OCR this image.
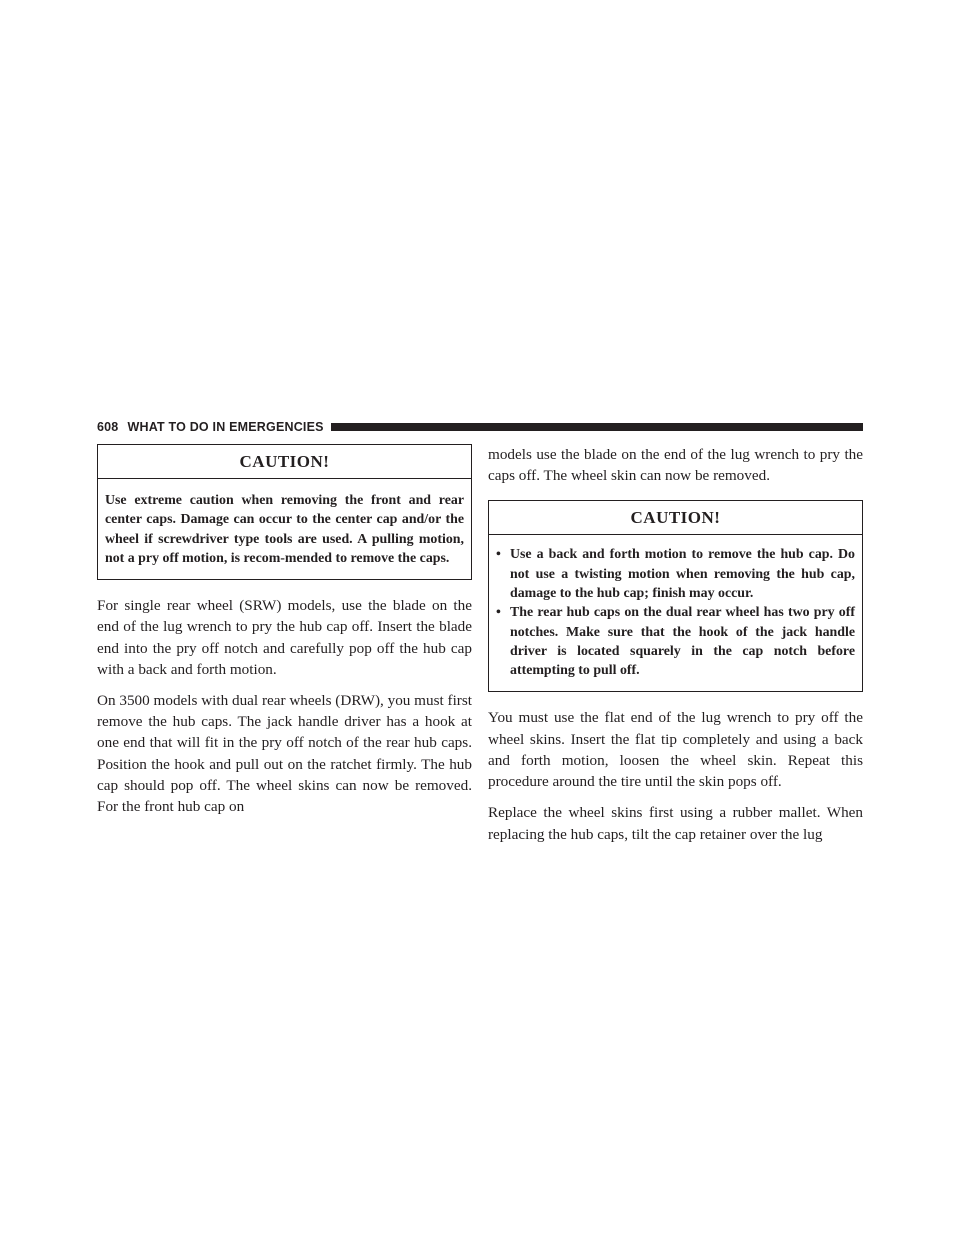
608 WHAT TO DO IN EMERGENCIES
CAUTION!

Use extreme caution when removing the front and rear center caps. Damage can occur to the center cap and/or the wheel if screwdriver type tools are used. A pulling motion, not a pry off motion, is recom-mended to remove the caps.

For single rear wheel (SRW) models, use the blade on the end of the lug wrench to pry the hub cap off. Insert the blade end into the pry off notch and carefully pop off the hub cap with a back and forth motion.

On 3500 models with dual rear wheels (DRW), you must first remove the hub caps. The jack handle driver has a hook at one end that will fit in the pry off notch of the rear hub caps. Position the hook and pull out on the ratchet firmly. The hub cap should pop off. The wheel skins can now be removed. For the front hub cap on

models use the blade on the end of the lug wrench to pry the caps off. The wheel skin can now be removed.

CAUTION!
• Use a back and forth motion to remove the hub cap. Do not use a twisting motion when removing the hub cap, damage to the hub cap; finish may occur.
• The rear hub caps on the dual rear wheel has two pry off notches. Make sure that the hook of the jack handle driver is located squarely in the cap notch before attempting to pull off.

You must use the flat end of the lug wrench to pry off the wheel skins. Insert the flat tip completely and using a back and forth motion, loosen the wheel skin. Repeat this procedure around the tire until the skin pops off.

Replace the wheel skins first using a rubber mallet. When replacing the hub caps, tilt the cap retainer over the lug
